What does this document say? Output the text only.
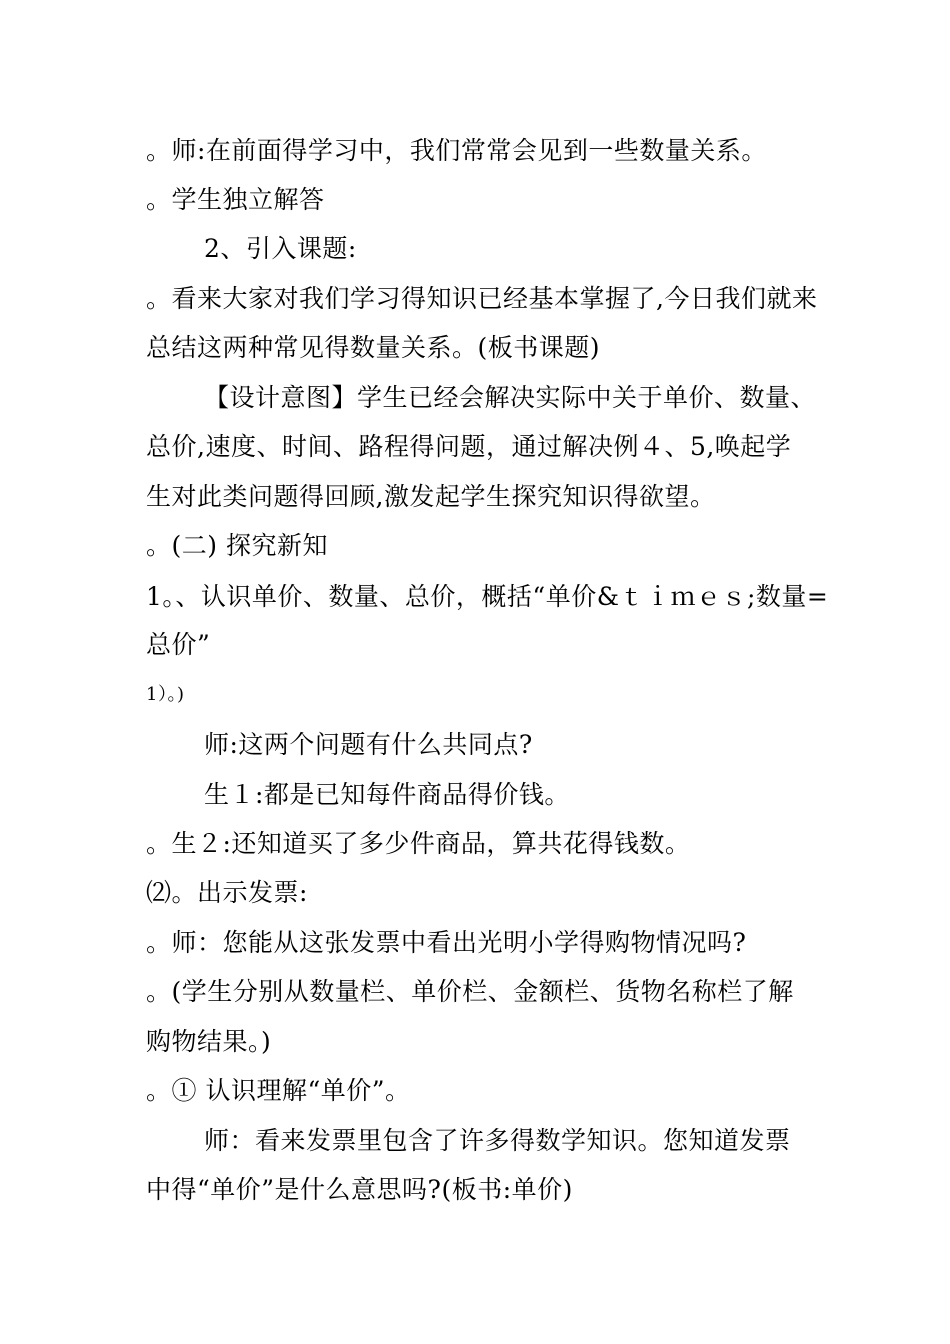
。师:在前面得学习中，我们常常会见到一些数量关系。
。学生独立解答
2、引入课题:
。看来大家对我们学习得知识已经基本掌握了,今日我们就来
总结这两种常见得数量关系。(板书课题)
【设计意图】学生已经会解决实际中关于单价、数量、
总价,速度、时间、路程得问题，通过解决例４、5,唤起学
生对此类问题得回顾,激发起学生探究知识得欲望。
。(二) 探究新知
1。、认识单价、数量、总价，概括“单价&ｔｉｍｅｓ;数量=
总价”
1）。)
师:这两个问题有什么共同点?
生１:都是已知每件商品得价钱。
。生２:还知道买了多少件商品，算共花得钱数。
⑵。出示发票:
。师：您能从这张发票中看出光明小学得购物情况吗?
。(学生分别从数量栏、单价栏、金额栏、货物名称栏了解
购物结果。)
。① 认识理解“单价”。
师：看来发票里包含了许多得数学知识。您知道发票
中得“单价”是什么意思吗?(板书:单价)
